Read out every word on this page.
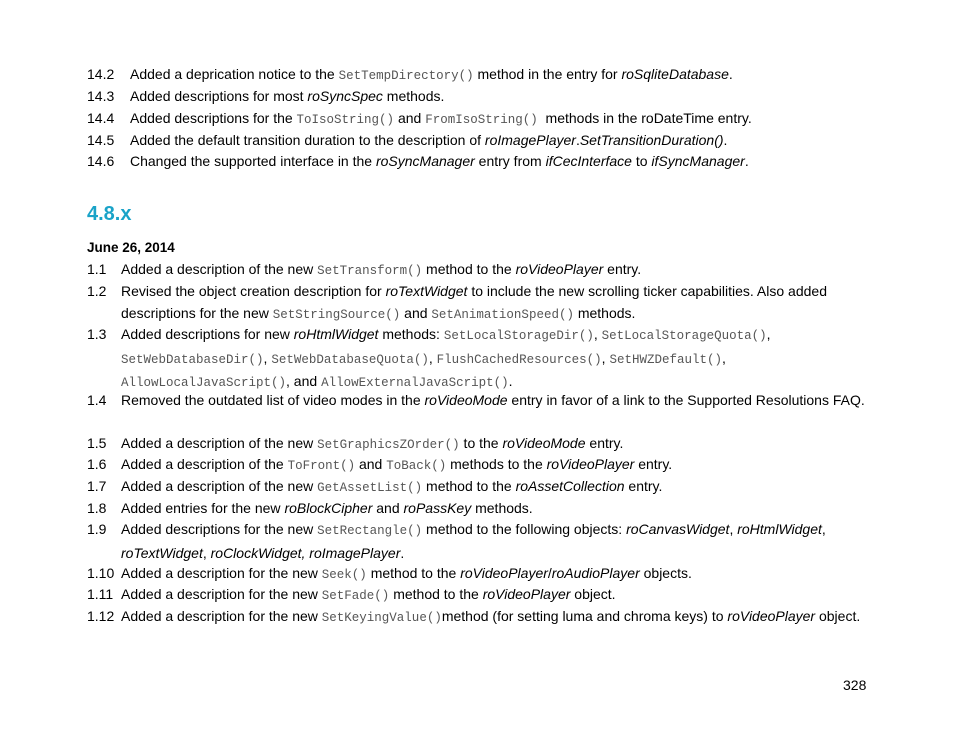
14.2 Added a deprication notice to the SetTempDirectory() method in the entry for roSqliteDatabase.
14.3 Added descriptions for most roSyncSpec methods.
14.4 Added descriptions for the ToIsoString() and FromIsoString()  methods in the roDateTime entry.
14.5 Added the default transition duration to the description of roImagePlayer.SetTransitionDuration().
14.6 Changed the supported interface in the roSyncManager entry from ifCecInterface to ifSyncManager.
4.8.x
June 26, 2014
1.1 Added a description of the new SetTransform() method to the roVideoPlayer entry.
1.2 Revised the object creation description for roTextWidget to include the new scrolling ticker capabilities. Also added descriptions for the new SetStringSource() and SetAnimationSpeed() methods.
1.3 Added descriptions for new roHtmlWidget methods: SetLocalStorageDir(), SetLocalStorageQuota(), SetWebDatabaseDir(), SetWebDatabaseQuota(), FlushCachedResources(), SetHWZDefault(), AllowLocalJavaScript(), and AllowExternalJavaScript().
1.4 Removed the outdated list of video modes in the roVideoMode entry in favor of a link to the Supported Resolutions FAQ.
1.5 Added a description of the new SetGraphicsZOrder() to the roVideoMode entry.
1.6 Added a description of the ToFront() and ToBack() methods to the roVideoPlayer entry.
1.7 Added a description of the new GetAssetList() method to the roAssetCollection entry.
1.8 Added entries for the new roBlockCipher and roPassKey methods.
1.9 Added descriptions for the new SetRectangle() method to the following objects: roCanvasWidget, roHtmlWidget, roTextWidget, roClockWidget, roImagePlayer.
1.10 Added a description for the new Seek() method to the roVideoPlayer/roAudioPlayer objects.
1.11 Added a description for the new SetFade() method to the roVideoPlayer object.
1.12 Added a description for the new SetKeyingValue()method (for setting luma and chroma keys) to roVideoPlayer object.
328
